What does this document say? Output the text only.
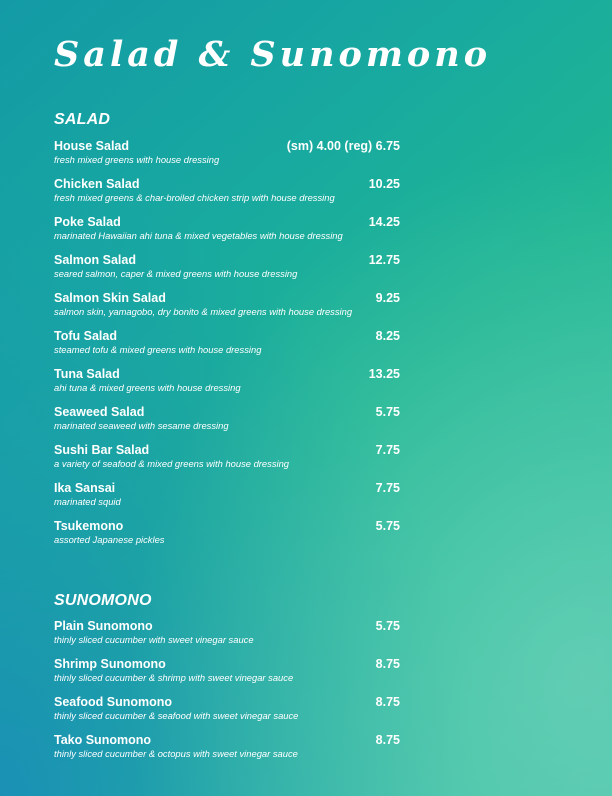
Salad & Sunomono
SALAD
House Salad	(sm) 4.00 (reg) 6.75
fresh mixed greens with house dressing
Chicken Salad	10.25
fresh mixed greens & char-broiled chicken strip with house dressing
Poke Salad	14.25
marinated Hawaiian ahi tuna & mixed vegetables with house dressing
Salmon Salad	12.75
seared salmon, caper & mixed greens with house dressing
Salmon Skin Salad	9.25
salmon skin, yamagobo, dry bonito & mixed greens with house dressing
Tofu Salad	8.25
steamed tofu & mixed greens with house dressing
Tuna Salad	13.25
ahi tuna & mixed greens with house dressing
Seaweed Salad	5.75
marinated seaweed with sesame dressing
Sushi Bar Salad	7.75
a variety of seafood & mixed greens with house dressing
Ika Sansai	7.75
marinated squid
Tsukemono	5.75
assorted Japanese pickles
SUNOMONO
Plain Sunomono	5.75
thinly sliced cucumber with sweet vinegar sauce
Shrimp Sunomono	8.75
thinly sliced cucumber & shrimp with sweet vinegar sauce
Seafood Sunomono	8.75
thinly sliced cucumber & seafood with sweet vinegar sauce
Tako Sunomono	8.75
thinly sliced cucumber & octopus with sweet vinegar sauce
